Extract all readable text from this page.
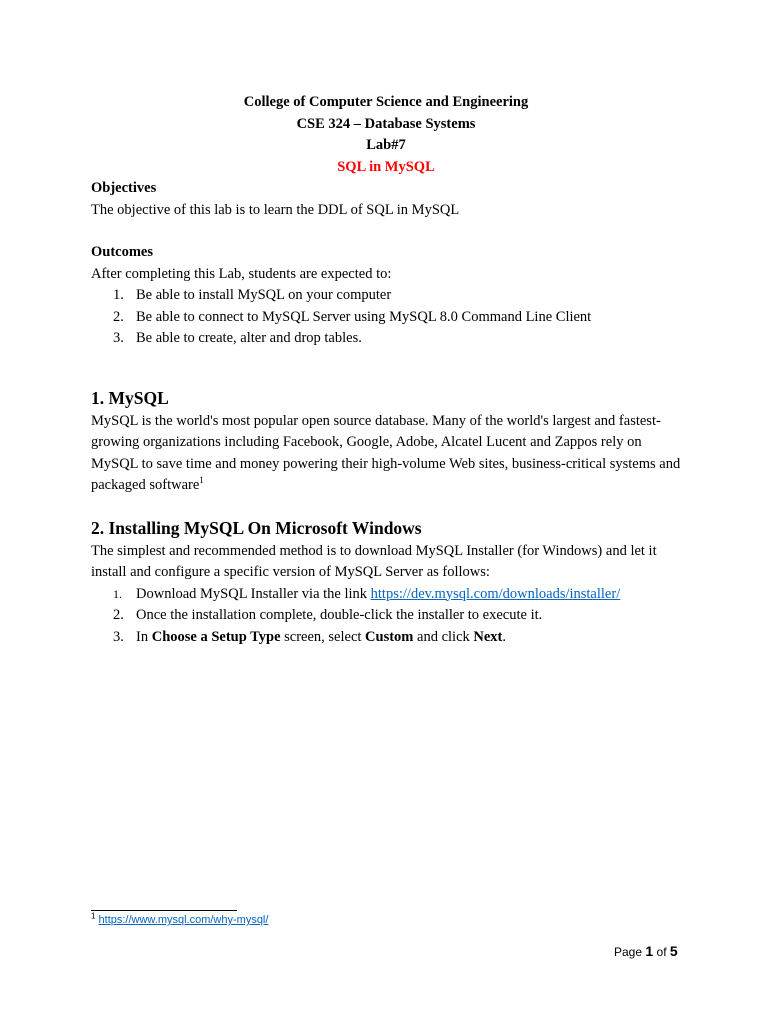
College of Computer Science and Engineering
CSE 324 – Database Systems
Lab#7
SQL in MySQL
Objectives

The objective of this lab is to learn the DDL of SQL in MySQL

Outcomes

After completing this Lab, students are expected to:

1. Be able to install MySQL on your computer
2. Be able to connect to MySQL Server using MySQL 8.0 Command Line Client
3. Be able to create, alter and drop tables.
1. MySQL

MySQL is the world's most popular open source database. Many of the world's largest and fastest-growing organizations including Facebook, Google, Adobe, Alcatel Lucent and Zappos rely on MySQL to save time and money powering their high-volume Web sites, business-critical systems and packaged software$^1$

2. Installing MySQL On Microsoft Windows

The simplest and recommended method is to download MySQL Installer (for Windows) and let it install and configure a specific version of MySQL Server as follows:

1. Download MySQL Installer via the link https://dev.mysql.com/downloads/installer/
2. Once the installation complete, double-click the installer to execute it.
3. In Choose a Setup Type screen, select Custom and click Next.
$^1$ https://www.mysql.com/why-mysql/
Page 1 of 5
